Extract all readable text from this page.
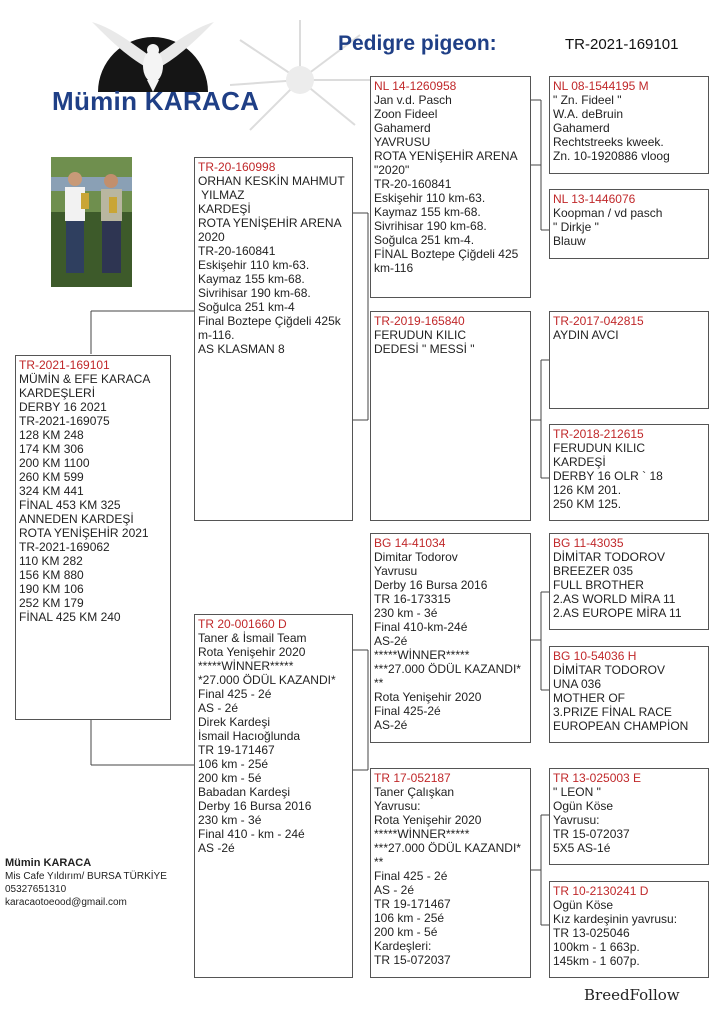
Mümin KARACA
Pedigre pigeon:	TR-2021-169101
TR-2021-169101
MÜMİN & EFE KARACA
KARDEŞLERİ
DERBY 16 2021
TR-2021-169075
128 KM 248
174 KM 306
200 KM 1100
260 KM 599
324 KM 441
FİNAL 453 KM 325
ANNEDEN KARDEŞİ
ROTA YENİŞEHİR 2021
TR-2021-169062
110 KM 282
156 KM 880
190 KM 106
252 KM 179
FİNAL 425 KM 240
TR-20-160998
ORHAN KESKİN MAHMUT
YILMAZ
KARDEŞİ
ROTA YENİŞEHİR ARENA
2020
TR-20-160841
Eskişehir 110 km-63.
Kaymaz 155 km-68.
Sivrihisar 190 km-68.
Soğulca 251 km-4
Final Boztepe Çiğdeli 425k
m-116.
AS KLASMAN 8
TR 20-001660 D
Taner & İsmail Team
Rota Yenişehir 2020
*****WİNNER*****
*27.000 ÖDÜL KAZANDI*
Final 425 - 2é
AS - 2é
Direk Kardeşi
İsmail Hacıoğlunda
TR 19-171467
106 km - 25é
200 km - 5é
Babadan Kardeşi
Derby 16 Bursa 2016
230 km - 3é
Final 410 - km - 24é
AS -2é
NL 14-1260958
Jan v.d. Pasch
Zoon Fideel
Gahamerd
YAVRUSU
ROTA YENİŞEHİR ARENA
"2020"
TR-20-160841
Eskişehir 110 km-63.
Kaymaz 155 km-68.
Sivrihisar 190 km-68.
Soğulca 251 km-4.
FİNAL Boztepe Çiğdeli 425
km-116
TR-2019-165840
FERUDUN KILIC
DEDESİ " MESSİ "
BG 14-41034
Dimitar Todorov
Yavrusu
Derby 16 Bursa 2016
TR 16-173315
230 km - 3é
Final 410-km-24é
AS-2é
*****WİNNER*****
***27.000 ÖDÜL KAZANDI*
**
Rota Yenişehir 2020
Final 425-2é
AS-2é
TR 17-052187
Taner Çalışkan
Yavrusu:
Rota Yenişehir 2020
*****WİNNER*****
***27.000 ÖDÜL KAZANDI*
**
Final 425 - 2é
AS - 2é
TR 19-171467
106 km - 25é
200 km - 5é
Kardeşleri:
TR 15-072037
NL 08-1544195 M
" Zn. Fideel "
W.A. deBruin
Gahamerd
Rechtstreeks kweek.
Zn. 10-1920886 vloog
NL 13-1446076
Koopman / vd pasch
" Dirkje "
Blauw
TR-2017-042815
AYDIN AVCI
TR-2018-212615
FERUDUN KILIC
KARDEŞİ
DERBY 16 OLR ` 18
126 KM 201.
250 KM 125.
BG 11-43035
DİMİTAR TODOROV
BREEZER 035
FULL BROTHER
2.AS WORLD MİRA 11
2.AS EUROPE MİRA 11
BG 10-54036 H
DİMİTAR TODOROV
UNA 036
MOTHER OF
3.PRIZE FİNAL RACE
EUROPEAN CHAMPİON
TR 13-025003 E
" LEON "
Ogün Köse
Yavrusu:
TR 15-072037
5X5 AS-1é
TR 10-2130241 D
Ogün Köse
Kız kardeşinin yavrusu:
TR 13-025046
100km - 1 663p.
145km - 1 607p.
Mümin KARACA
Mis Cafe Yıldırım/ BURSA TÜRKİYE
05327651310
karacaotoeood@gmail.com
BreedFollow
